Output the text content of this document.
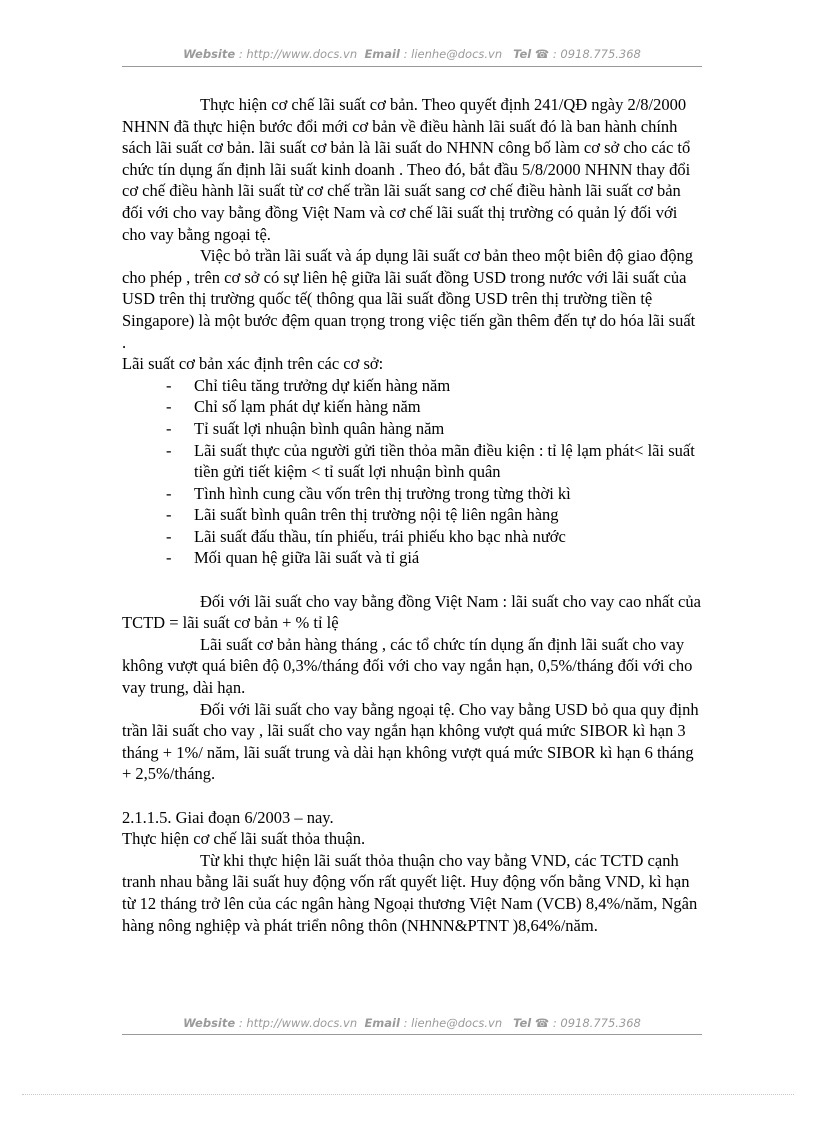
Website : http://www.docs.vn Email : lienhe@docs.vn Tel ☎ : 0918.775.368

Thực hiện cơ chế lãi suất cơ bản. Theo quyết định 241/QĐ ngày 2/8/2000 NHNN đã thực hiện bước đổi mới cơ bản về điều hành lãi suất đó là ban hành chính sách lãi suất cơ bản. lãi suất cơ bản là lãi suất do NHNN công bố làm cơ sở cho các tổ chức tín dụng ấn định lãi suất kinh doanh . Theo đó, bắt đầu 5/8/2000 NHNN thay đổi cơ chế điều hành lãi suất từ cơ chế trần lãi suất sang cơ chế điều hành lãi suất cơ bản đối với cho vay bằng đồng Việt Nam và cơ chế lãi suất thị trường có quản lý đối với cho vay bằng ngoại tệ.

Việc bỏ trần lãi suất và áp dụng lãi suất cơ bản theo một biên độ giao động cho phép , trên cơ sở có sự liên hệ giữa lãi suất đồng USD trong nước với lãi suất của USD trên thị trường quốc tế( thông qua lãi suất đồng USD trên thị trường tiền tệ Singapore) là một bước đệm quan trọng trong việc tiến gần thêm đến tự do hóa lãi suất .

Lãi suất cơ bản xác định trên các cơ sở:

- Chỉ tiêu tăng trưởng dự kiến hàng năm
- Chỉ số lạm phát dự kiến hàng năm
- Tỉ suất lợi nhuận bình quân hàng năm
- Lãi suất thực của người gửi tiền thỏa mãn điều kiện : tỉ lệ lạm phát< lãi suất tiền gửi tiết kiệm < tỉ suất lợi nhuận bình quân
- Tình hình cung cầu vốn trên thị trường trong từng thời kì
- Lãi suất bình quân trên thị trường nội tệ liên ngân hàng
- Lãi suất đấu thầu, tín phiếu, trái phiếu kho bạc nhà nước
- Mối quan hệ giữa lãi suất và tỉ giá

Đối với lãi suất cho vay bằng đồng Việt Nam : lãi suất cho vay cao nhất của TCTD = lãi suất cơ bản + % tỉ lệ

Lãi suất cơ bản hàng tháng , các tổ chức tín dụng ấn định lãi suất cho vay không vượt quá biên độ 0,3%/tháng đối với cho vay ngắn hạn, 0,5%/tháng đối với cho vay trung, dài hạn.

Đối với lãi suất cho vay bằng ngoại tệ. Cho vay bằng USD bỏ qua quy định trần lãi suất cho vay , lãi suất cho vay ngắn hạn không vượt quá mức SIBOR kì hạn 3 tháng + 1%/ năm, lãi suất trung và dài hạn không vượt quá mức SIBOR kì hạn 6 tháng + 2,5%/tháng.

2.1.1.5. Giai đoạn 6/2003 – nay.

Thực hiện cơ chế lãi suất thỏa thuận.

Từ khi thực hiện lãi suất thỏa thuận cho vay bằng VND, các TCTD cạnh tranh nhau bằng lãi suất huy động vốn rất quyết liệt. Huy động vốn bằng VND, kì hạn từ 12 tháng trở lên của các ngân hàng Ngoại thương Việt Nam (VCB) 8,4%/năm, Ngân hàng nông nghiệp và phát triển nông thôn (NHNN&PTNT )8,64%/năm.

Website : http://www.docs.vn Email : lienhe@docs.vn Tel ☎ : 0918.775.368
